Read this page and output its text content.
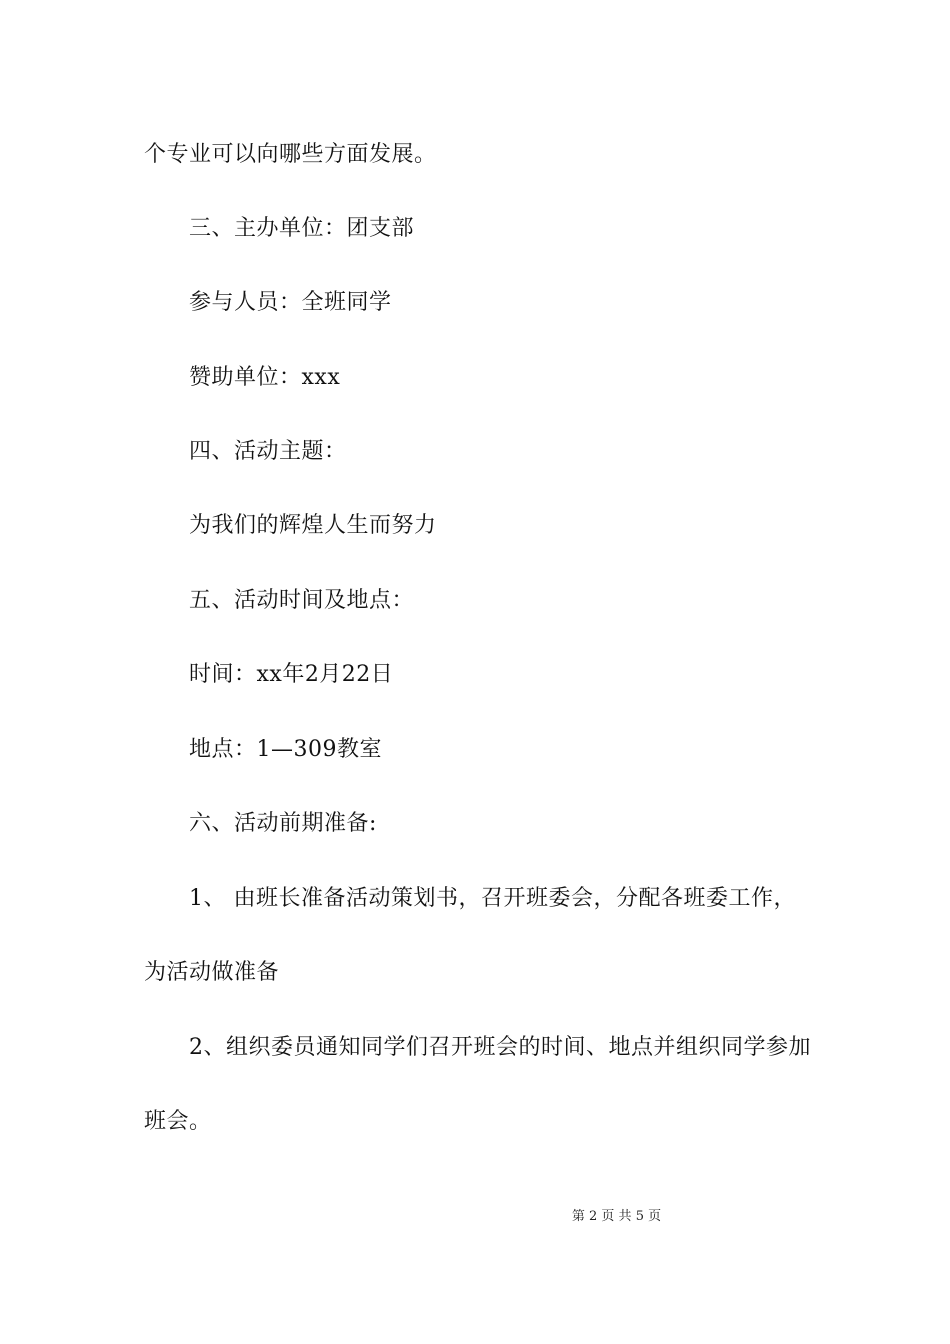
个专业可以向哪些方面发展。
三、主办单位：团支部
参与人员：全班同学
赞助单位：xxx
四、活动主题：
为我们的辉煌人生而努力
五、活动时间及地点：
时间：xx年2月22日
地点：1—309教室
六、活动前期准备:
1、 由班长准备活动策划书，召开班委会，分配各班委工作，
为活动做准备
2、组织委员通知同学们召开班会的时间、地点并组织同学参加
班会。
第 2 页 共 5 页
